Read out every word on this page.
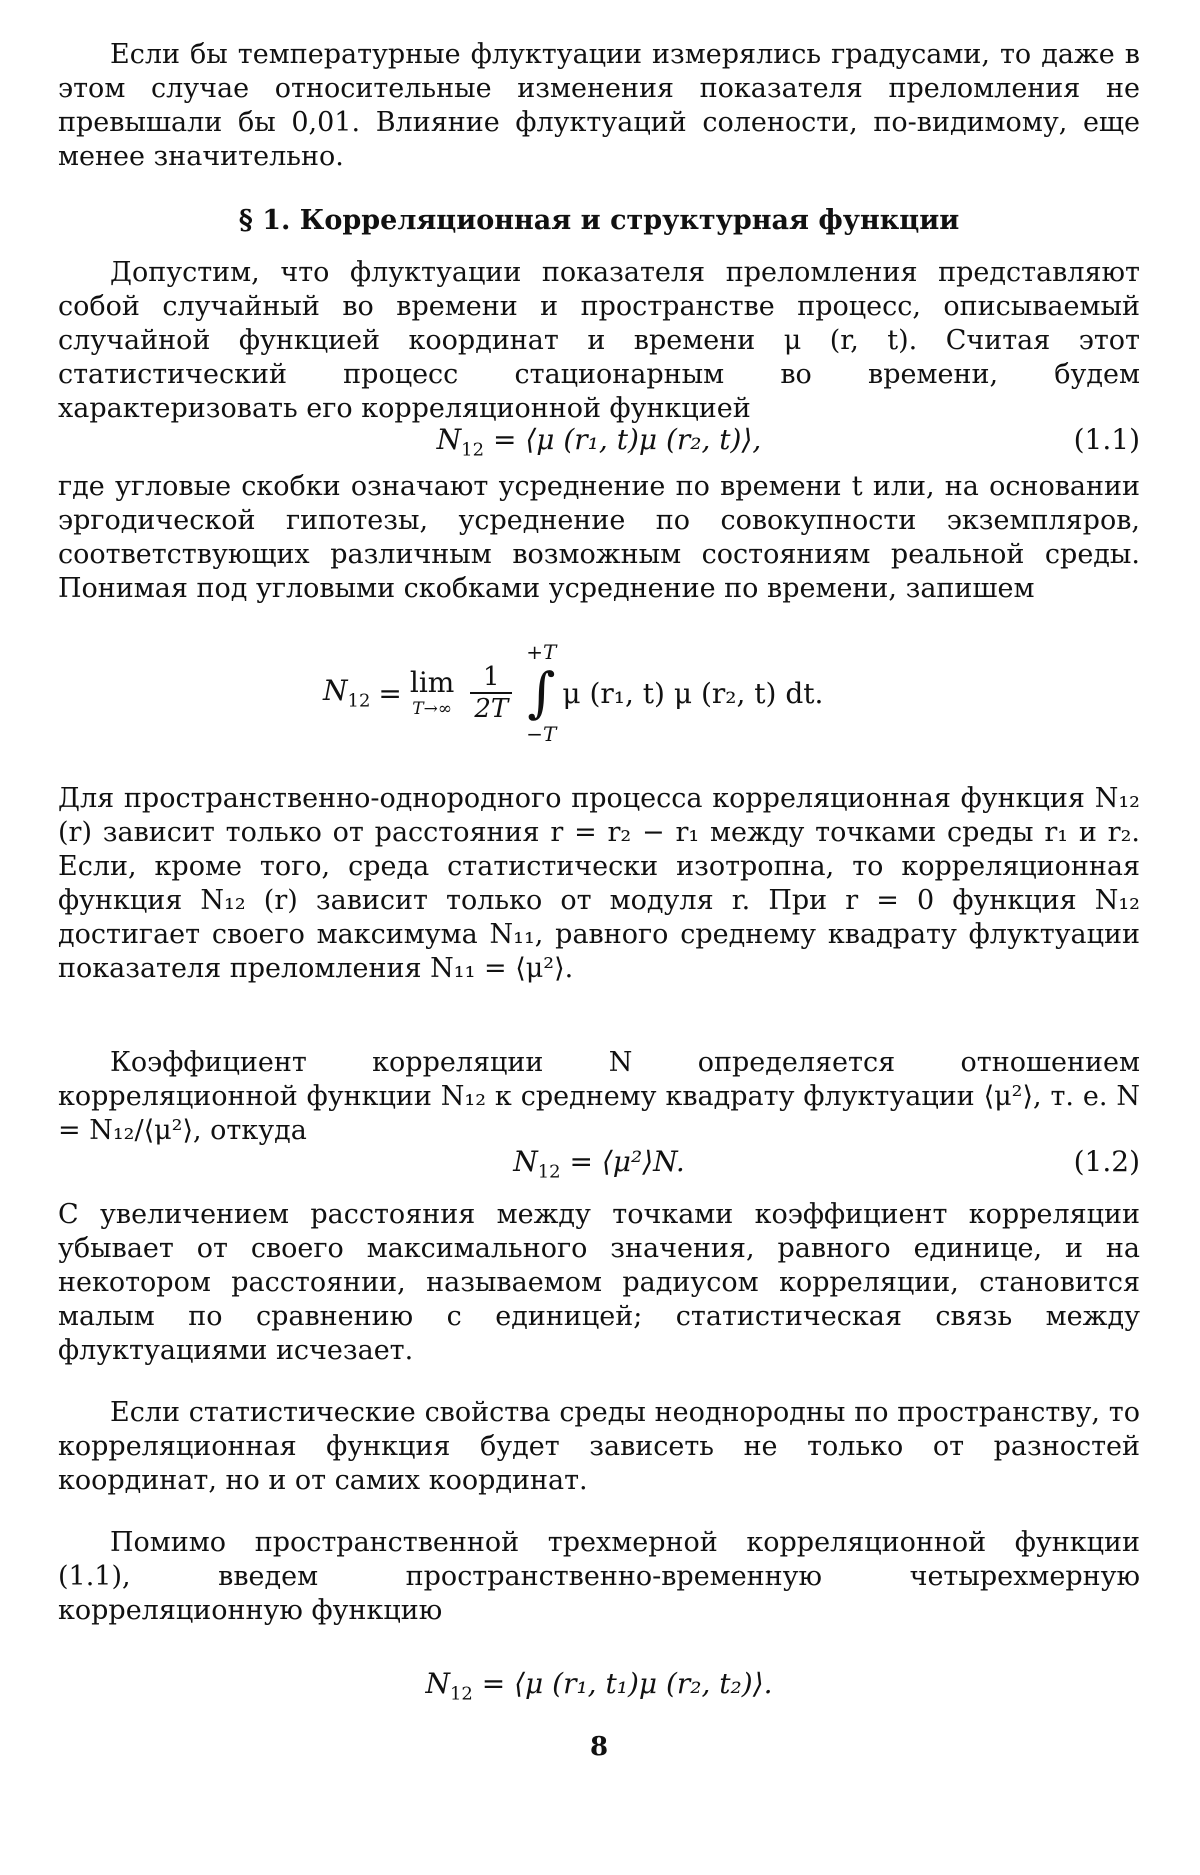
Если бы температурные флуктуации измерялись градусами, то даже в этом случае относительные изменения показателя преломления не превышали бы 0,01. Влияние флуктуаций солености, по-видимому, еще менее значительно.

§ 1. Корреляционная и структурная функции

Допустим, что флуктуации показателя преломления представляют собой случайный во времени и пространстве процесс, описываемый случайной функцией координат и времени μ (r, t). Считая этот статистический процесс стационарным во времени, будем характеризовать его корреляционной функцией

$N_{12}$ = ⟨μ (r₁, t)μ (r₂, t)⟩,	(1.1)

где угловые скобки означают усреднение по времени t или, на основании эргодической гипотезы, усреднение по совокупности экземпляров, соответствующих различным возможным состояниям реальной среды. Понимая под угловыми скобками усреднение по времени, запишем

$N_{12} = \lim$
$T\to\infty \frac{1}{2T}$
+T
∫
−T
μ (r₁, t) μ (r₂, t) dt.

Для пространственно-однородного процесса корреляционная функция N₁₂ (r) зависит только от расстояния r = r₂ − r₁ между точками среды r₁ и r₂. Если, кроме того, среда статистически изотропна, то корреляционная функция N₁₂ (r) зависит только от модуля r. При r = 0 функция N₁₂ достигает своего максимума N₁₁, равного среднему квадрату флуктуации показателя преломления N₁₁ = ⟨μ²⟩.

Коэффициент корреляции N определяется отношением корреляционной функции N₁₂ к среднему квадрату флуктуации ⟨μ²⟩, т. е. N = N₁₂/⟨μ²⟩, откуда

$N_{12}$ = ⟨μ²⟩N.	(1.2)

С увеличением расстояния между точками коэффициент корреляции убывает от своего максимального значения, равного единице, и на некотором расстоянии, называемом радиусом корреляции, становится малым по сравнению с единицей; статистическая связь между флуктуациями исчезает.

Если статистические свойства среды неоднородны по пространству, то корреляционная функция будет зависеть не только от разностей координат, но и от самих координат.

Помимо пространственной трехмерной корреляционной функции (1.1), введем пространственно-временную четырехмерную корреляционную функцию

$N_{12}$ = ⟨μ (r₁, t₁)μ (r₂, t₂)⟩.
8
